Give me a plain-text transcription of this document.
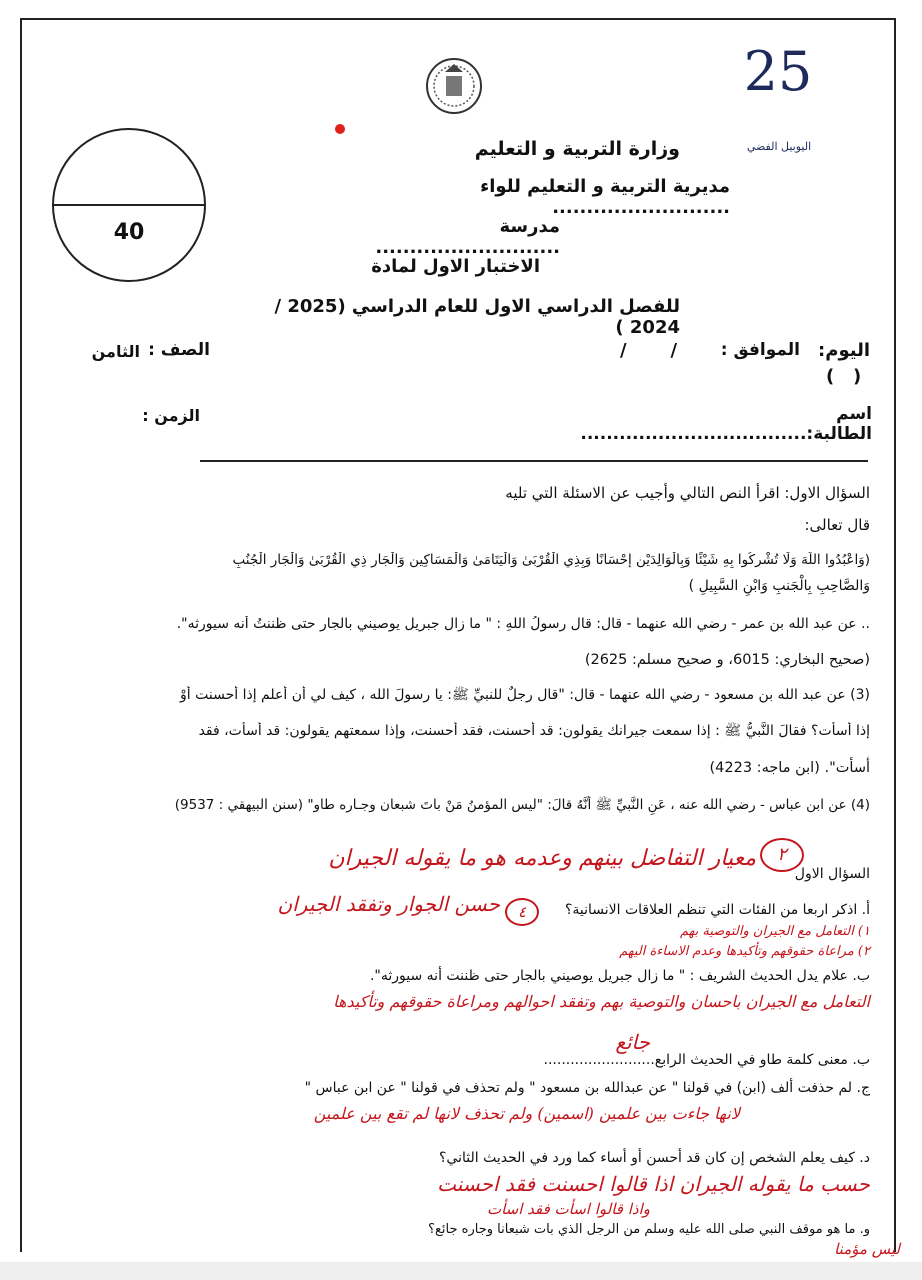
25
اليوبيل الفضي
40
وزارة التربية و التعليم
مديرية التربية و التعليم للواء ..........................
مدرسة ...........................
الاختبار الاول لمادة
للفصل الدراسي الاول للعام الدراسي (2025 / 2024 )
اليوم:
الموافق :
/       /
الصف :
الثامن
(   )
اسم الطالبة:...................................
الزمن :
السؤال الاول: اقرأ النص التالي وأجيب عن الاسئلة التي تليه
قال تعالى:
(وَاعْبُدُوا اللَّهَ وَلَا تُشْرِكُوا بِهِ شَيْئًا وَبِالْوَالِدَيْنِ إِحْسَانًا وَبِذِي الْقُرْبَىٰ وَالْيَتَامَىٰ وَالْمَسَاكِينِ وَالْجَارِ ذِي الْقُرْبَىٰ وَالْجَارِ الْجُنُبِ
وَالصَّاحِبِ بِالْجَنبِ وَابْنِ السَّبِيلِ )
.. عن عبد الله بن عمر - رضي الله عنهما - قال: قال رسولُ اللهِ : " ما زال جبريل يوصيني بالجار حتى ظننتُ أنه سيورثه".
(صحيح البخاري: 6015، و صحيح مسلم: 2625)
(3) عن عبد الله بن مسعود - رضي الله عنهما - قال: "قال رجلٌ للنبيِّ ﷺ: يا رسولَ الله ، كيف لي أن أعلم إذا أحسنت أوْ
إذا أسأت؟ فقالَ النَّبيُّ ﷺ : إذا سمعت جيرانك يقولون: قد أحسنت، فقد أحسنت، وإذا سمعتهم يقولون: قد أسأت، فقد
أسأت". (ابن ماجه: 4223)
(4) عن ابن عباس - رضي الله عنه ، عَنِ النَّبيِّ ﷺ أنَّهُ قالَ: "ليس المؤمنُ مَنْ باتَ شبعان وجـاره طاو" (سنن البيهقي : 9537)
السؤال الاول
أ. اذكر اربعا من الفئات التي تنظم العلاقات الانسانية؟
ب. علام يدل الحديث الشريف : " ما زال جبريل يوصيني بالجار حتى ظننت أنه سيورثه".
ب. معنى كلمة طاو في الحديث الرابع.........................
ج. لم حذفت ألف (ابن) في قولنا " عن عبدالله بن مسعود " ولم تحذف في قولنا " عن ابن عباس "
د. كيف يعلم الشخص إن كان قد أحسن أو أساء كما ورد في الحديث الثاني؟
و. ما هو موقف النبي صلى الله عليه وسلم من الرجل الذي بات شبعانا وجاره جائع؟
٢
معيار التفاضل بينهم وعدمه هو ما يقوله الجيران
٤
حسن الجوار وتفقد الجيران
١) التعامل مع الجيران والتوصية بهم
٢) مراعاة حقوقهم وتأكيدها وعدم الاساءة اليهم
التعامل مع الجيران باحسان والتوصية بهم وتفقد احوالهم ومراعاة حقوقهم وتأكيدها
جائع
لانها جاءت بين علمين (اسمين) ولم تحذف لانها لم تقع بين علمين
حسب ما يقوله الجيران اذا قالوا احسنت فقد احسنت
واذا قالوا اسأت فقد اسأت
ليس مؤمنا
